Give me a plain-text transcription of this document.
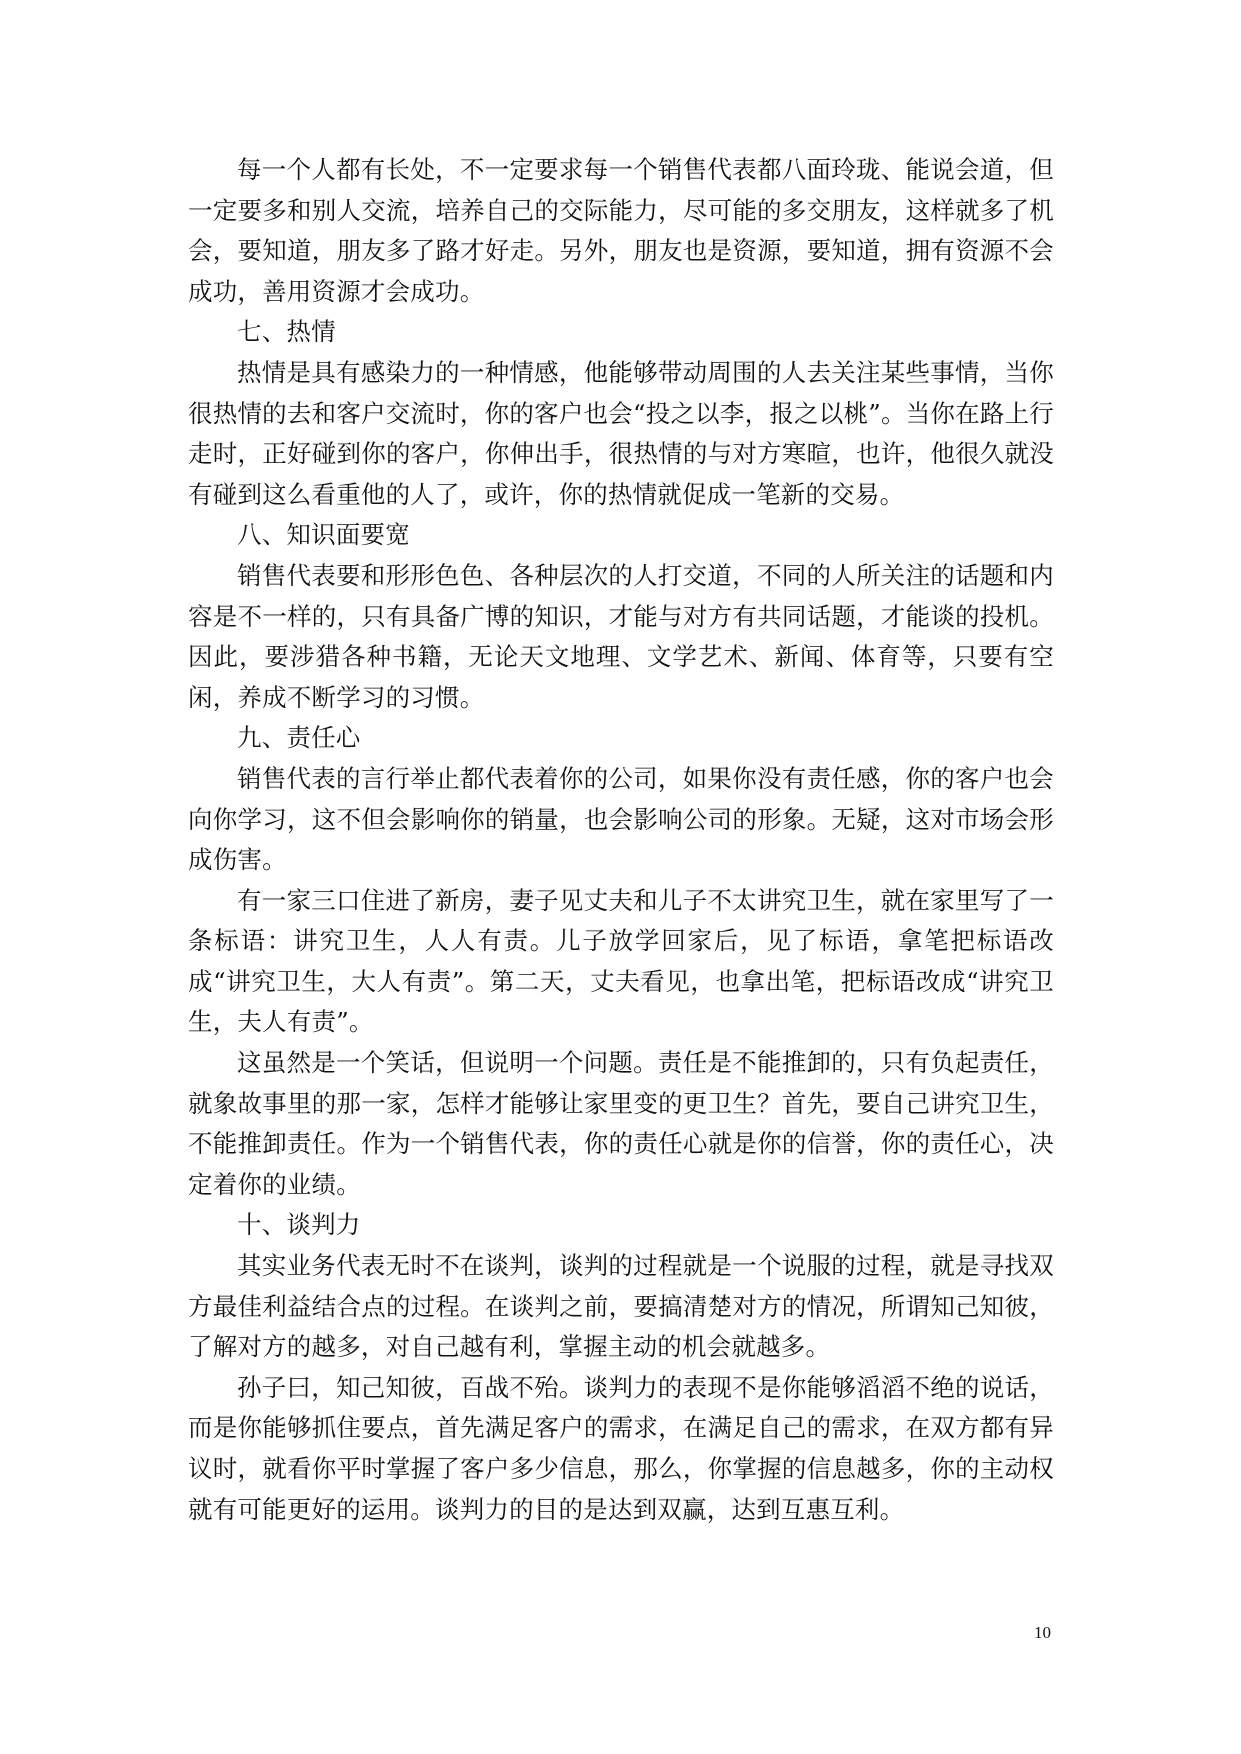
每一个人都有长处，不一定要求每一个销售代表都八面玲珑、能说会道，但一定要多和别人交流，培养自己的交际能力，尽可能的多交朋友，这样就多了机会，要知道，朋友多了路才好走。另外，朋友也是资源，要知道，拥有资源不会成功，善用资源才会成功。

七、热情

热情是具有感染力的一种情感，他能够带动周围的人去关注某些事情，当你很热情的去和客户交流时，你的客户也会“投之以李，报之以桃”。当你在路上行走时，正好碰到你的客户，你伸出手，很热情的与对方寒暄，也许，他很久就没有碰到这么看重他的人了，或许，你的热情就促成一笔新的交易。

八、知识面要宽

销售代表要和形形色色、各种层次的人打交道，不同的人所关注的话题和内容是不一样的，只有具备广博的知识，才能与对方有共同话题，才能谈的投机。因此，要涉猎各种书籍，无论天文地理、文学艺术、新闻、体育等，只要有空闲，养成不断学习的习惯。

九、责任心

销售代表的言行举止都代表着你的公司，如果你没有责任感，你的客户也会向你学习，这不但会影响你的销量，也会影响公司的形象。无疑，这对市场会形成伤害。

有一家三口住进了新房，妻子见丈夫和儿子不太讲究卫生，就在家里写了一条标语：讲究卫生，人人有责。儿子放学回家后，见了标语，拿笔把标语改成“讲究卫生，大人有责”。第二天，丈夫看见，也拿出笔，把标语改成“讲究卫生，夫人有责”。

这虽然是一个笑话，但说明一个问题。责任是不能推卸的，只有负起责任，就象故事里的那一家，怎样才能够让家里变的更卫生？首先，要自己讲究卫生，不能推卸责任。作为一个销售代表，你的责任心就是你的信誉，你的责任心，决定着你的业绩。

十、谈判力

其实业务代表无时不在谈判，谈判的过程就是一个说服的过程，就是寻找双方最佳利益结合点的过程。在谈判之前，要搞清楚对方的情况，所谓知己知彼，了解对方的越多，对自己越有利，掌握主动的机会就越多。

孙子曰，知己知彼，百战不殆。谈判力的表现不是你能够滔滔不绝的说话，而是你能够抓住要点，首先满足客户的需求，在满足自己的需求，在双方都有异议时，就看你平时掌握了客户多少信息，那么，你掌握的信息越多，你的主动权就有可能更好的运用。谈判力的目的是达到双赢，达到互惠互利。

10
